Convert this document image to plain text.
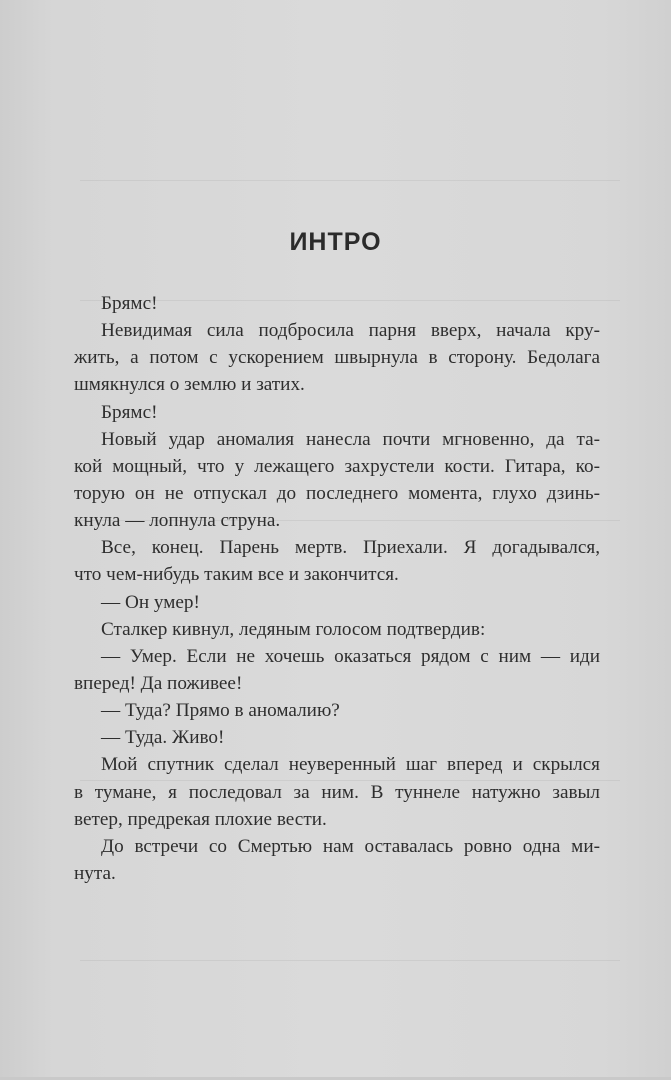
ИНТРО
Брямс!
Невидимая сила подбросила парня вверх, начала кру-
жить, а потом с ускорением швырнула в сторону. Бедолага
шмякнулся о землю и затих.
Брямс!
Новый удар аномалия нанесла почти мгновенно, да та-
кой мощный, что у лежащего захрустели кости. Гитара, ко-
торую он не отпускал до последнего момента, глухо дзинь-
кнула — лопнула струна.
Все, конец. Парень мертв. Приехали. Я догадывался,
что чем-нибудь таким все и закончится.
— Он умер!
Сталкер кивнул, ледяным голосом подтвердив:
— Умер. Если не хочешь оказаться рядом с ним — иди
вперед! Да поживее!
— Туда? Прямо в аномалию?
— Туда. Живо!
Мой спутник сделал неуверенный шаг вперед и скрылся
в тумане, я последовал за ним. В туннеле натужно завыл
ветер, предрекая плохие вести.
До встречи со Смертью нам оставалась ровно одна ми-
нута.
